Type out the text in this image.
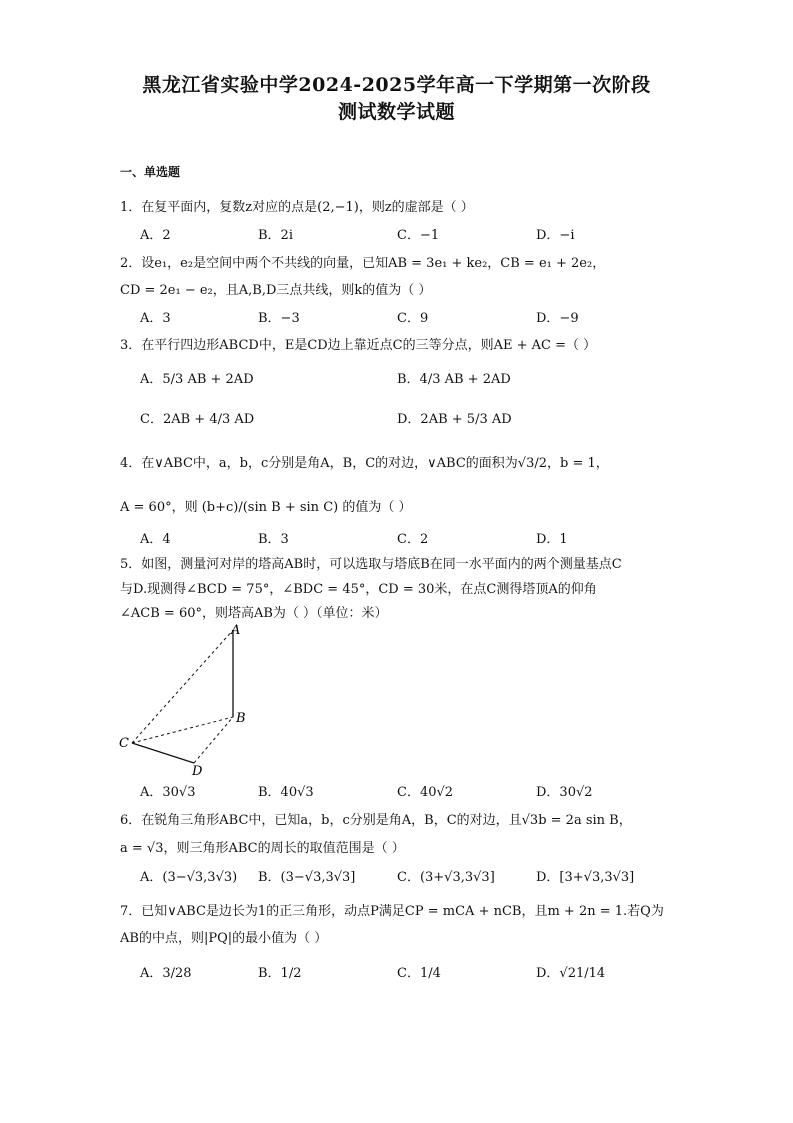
黑龙江省实验中学2024-2025学年高一下学期第一次阶段
测试数学试题
一、单选题
1．在复平面内，复数z对应的点是(2,−1)，则z的虚部是（ ）
A．2	B．2i	C．−1	D．−i
2．设e₁，e₂是空间中两个不共线的向量，已知AB = 3e₁ + ke₂，CB = e₁ + 2e₂，
CD = 2e₁ − e₂，且A,B,D三点共线，则k的值为（ ）
A．3	B．−3	C．9	D．−9
3．在平行四边形ABCD中，E是CD边上靠近点C的三等分点，则AE + AC =（ ）
A．5/3 AB + 2AD	B．4/3 AB + 2AD
C．2AB + 4/3 AD	D．2AB + 5/3 AD
4．在∨ABC中，a，b，c分别是角A，B，C的对边，∨ABC的面积为√3/2，b = 1，
A = 60°，则 (b+c)/(sin B + sin C) 的值为（ ）
A．4	B．3	C．2	D．1
5．如图，测量河对岸的塔高AB时，可以选取与塔底B在同一水平面内的两个测量基点C
与D.现测得∠BCD = 75°，∠BDC = 45°，CD = 30米，在点C测得塔顶A的仰角
∠ACB = 60°，则塔高AB为（ ）（单位：米）
A
B
C
D
A．30√3	B．40√3	C．40√2	D．30√2
6．在锐角三角形ABC中，已知a，b，c分别是角A，B，C的对边，且√3b = 2a sin B，
a = √3，则三角形ABC的周长的取值范围是（ ）
A．(3−√3,3√3) B．(3−√3,3√3]	C．(3+√3,3√3]	D．[3+√3,3√3]
7．已知∨ABC是边长为1的正三角形，动点P满足CP = mCA + nCB，且m + 2n = 1.若Q为
AB的中点，则|PQ|的最小值为（ ）
A．3/28	B．1/2	C．1/4	D．√21/14
